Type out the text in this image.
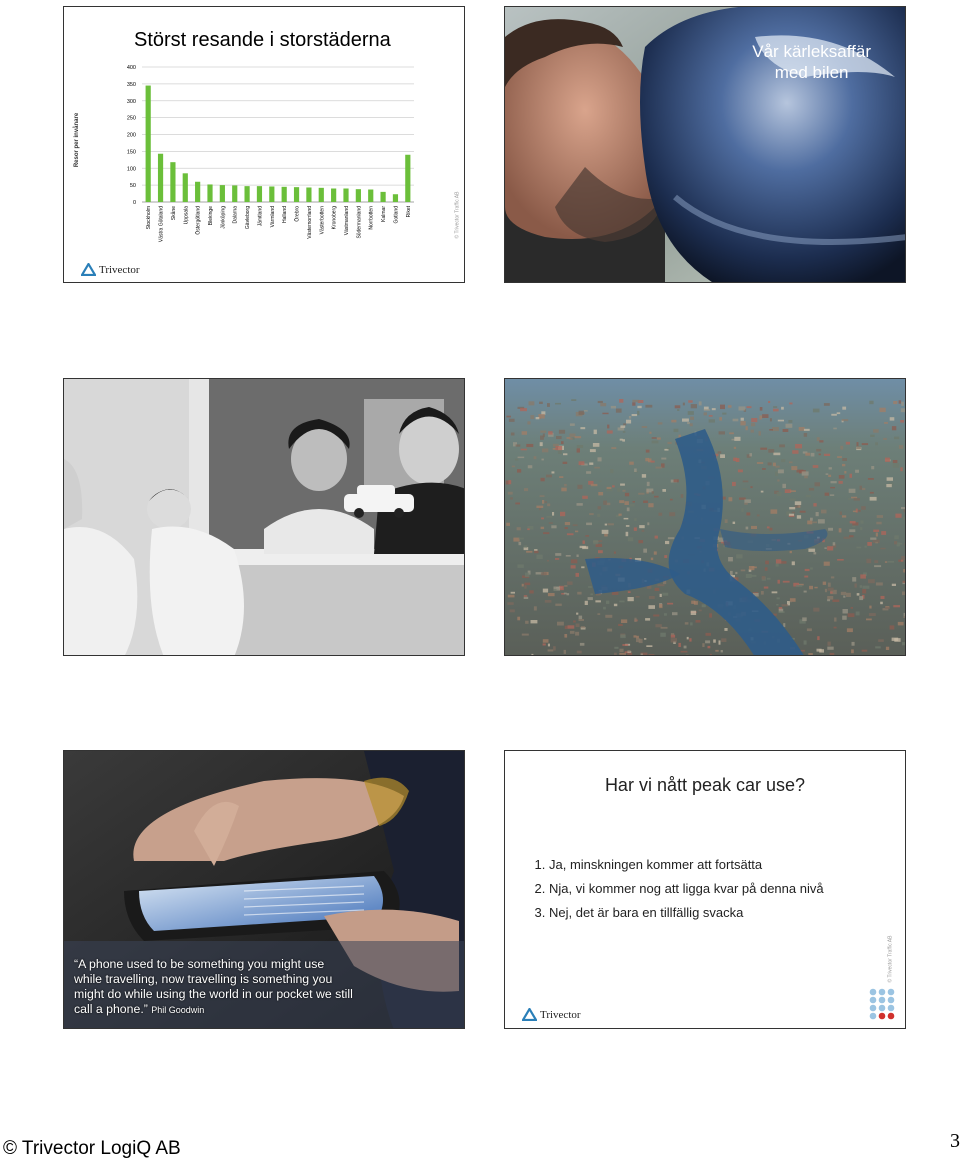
Störst resande i storstäderna
Resor per invånare
0
50
100
150
200
250
300
350
400
Stockholm Västra Götaland Skåne Uppsala Östergötland Blekinge Jönköping Dalarna Gävleborg Jämtland Värmland Halland Örebro Västernorrland Västerbotten Kronoberg Västmanland Södermanland Norrbotten Kalmar Gotland Riket	© Trivector Traffic AB
Trivector
Vår kärleksaffär
med bilen
“A phone used to be something you might use while travelling, now travelling is something you might do while using the world in our pocket we still call a phone.” Phil Goodwin
Har vi nått peak car use?
1. Ja, minskningen kommer att fortsätta
2. Nja, vi kommer nog att ligga kvar på denna nivå
3. Nej, det är bara en tillfällig svacka
© Trivector Traffic AB
Trivector
© Trivector LogiQ AB	3
